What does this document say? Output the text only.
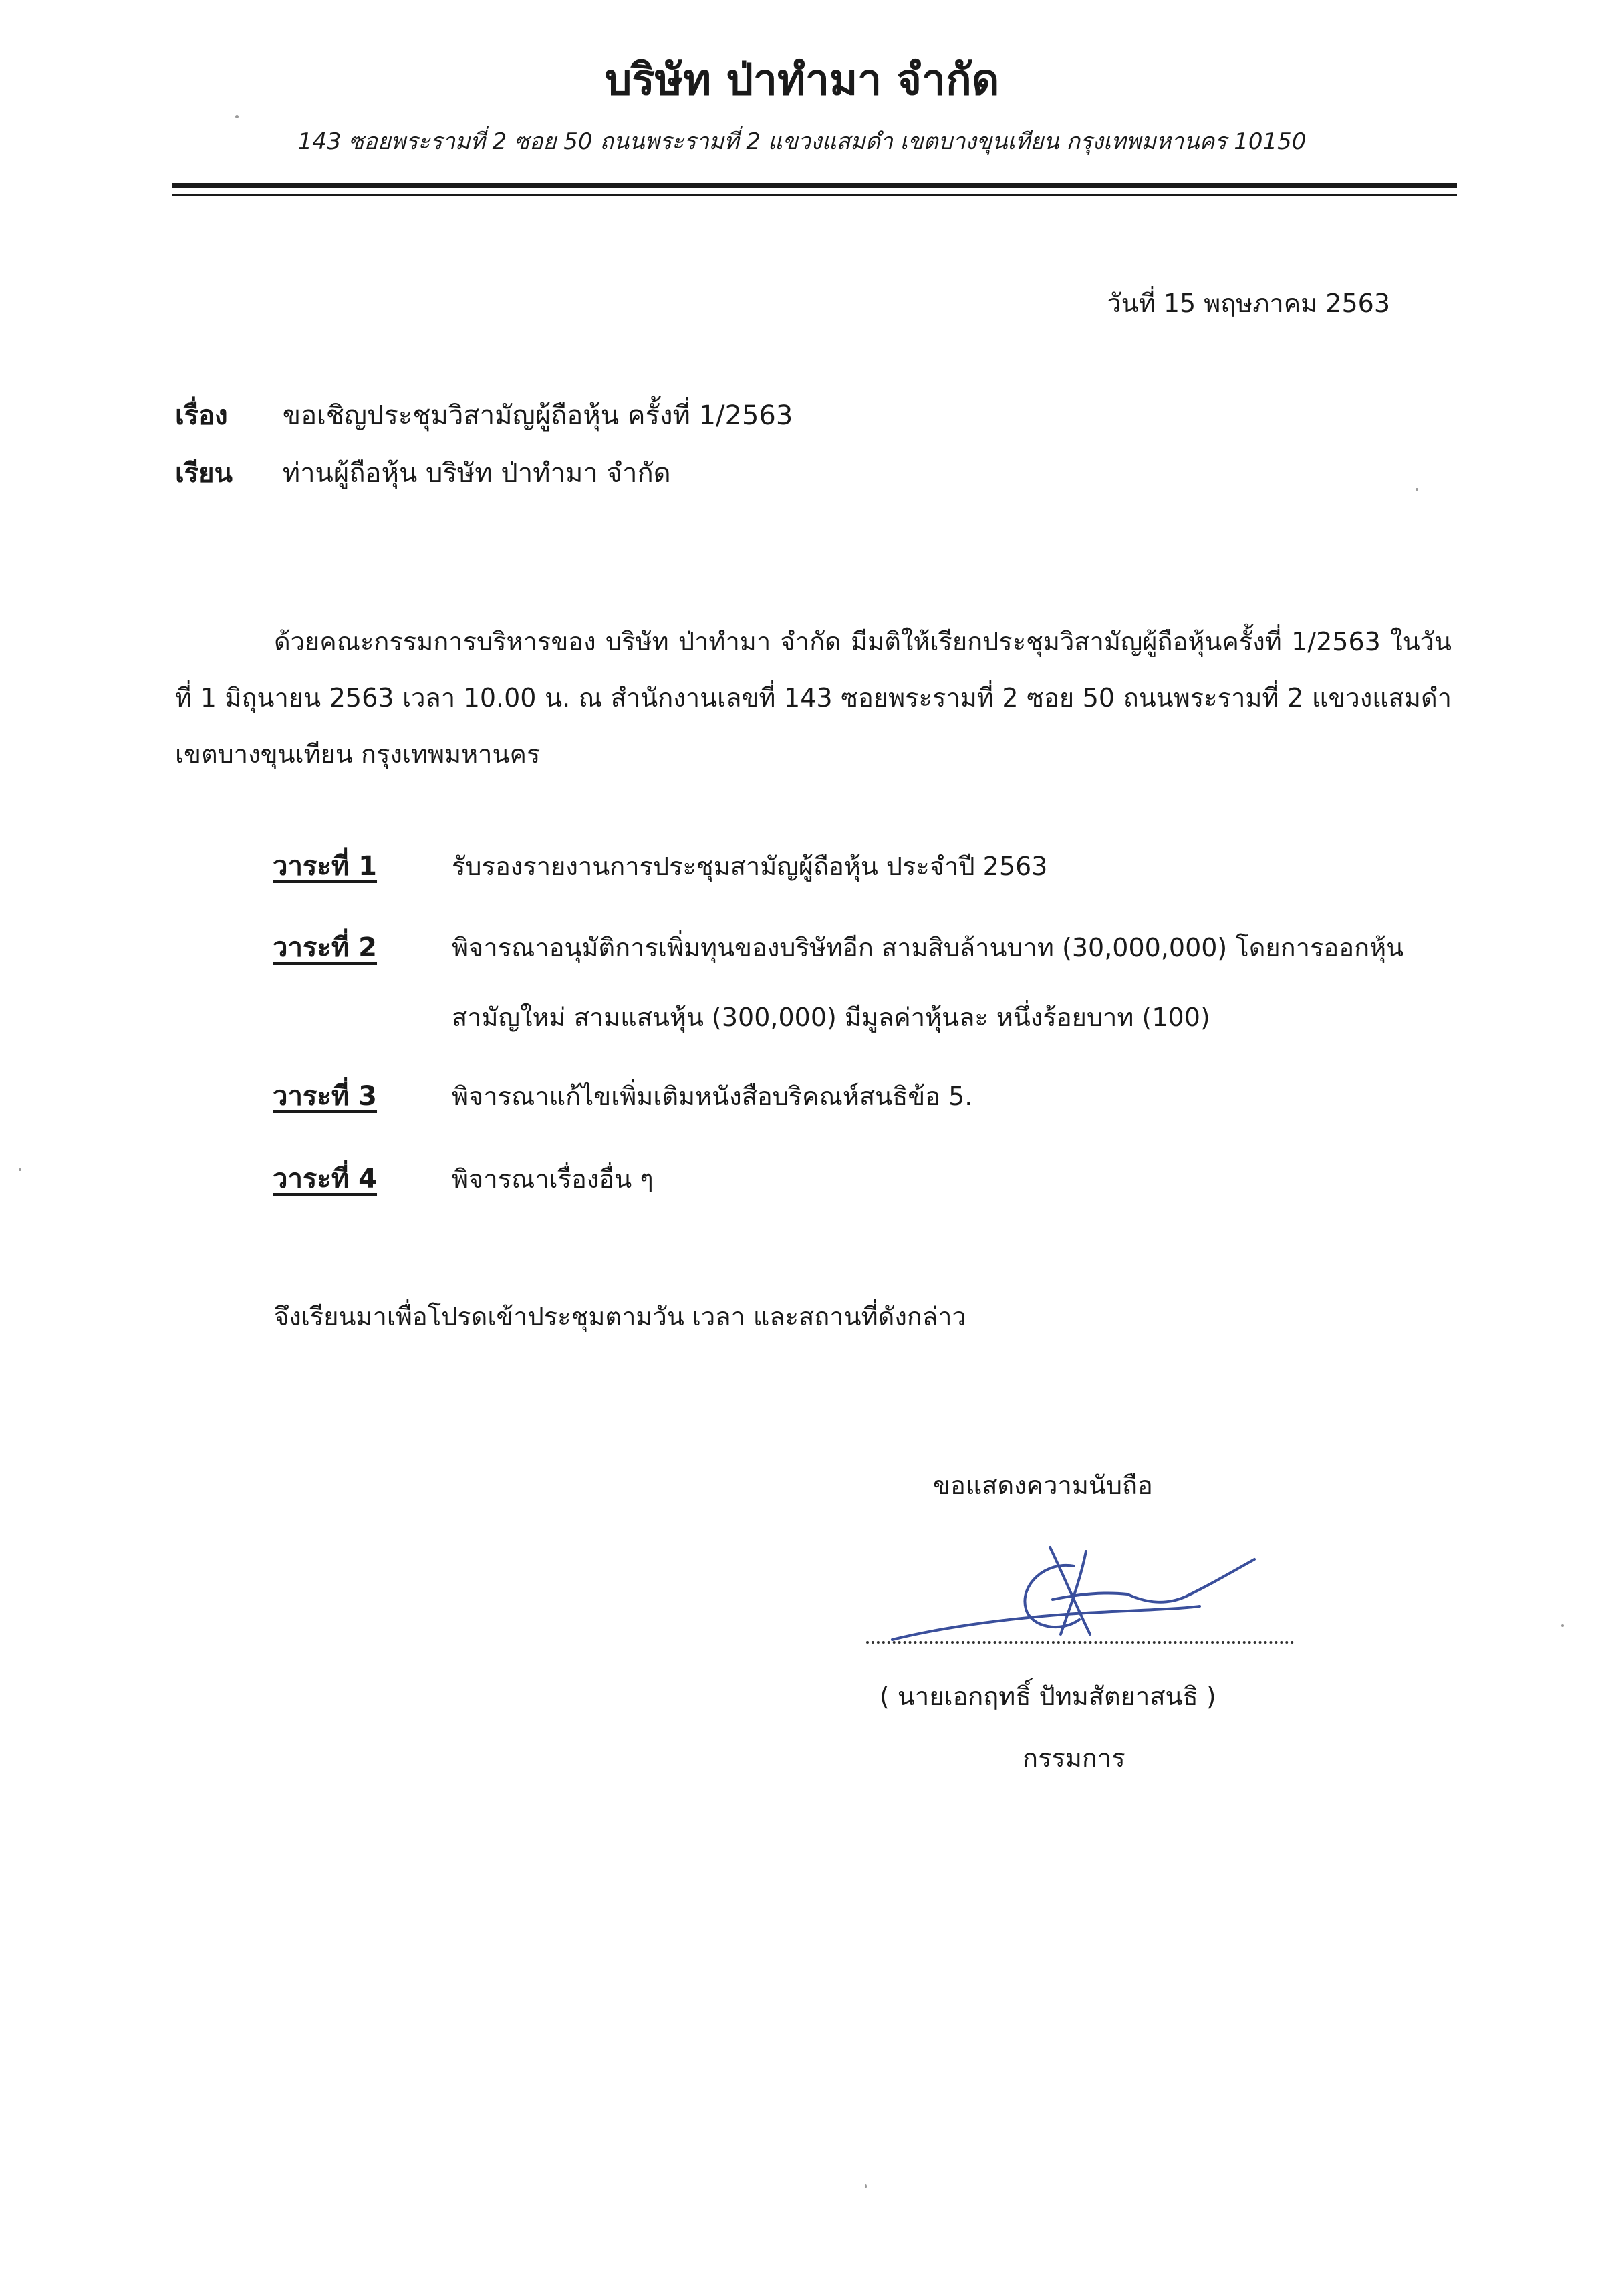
บริษัท ป่าทำมา จำกัด
143 ซอยพระรามที่ 2 ซอย 50 ถนนพระรามที่ 2 แขวงแสมดำ เขตบางขุนเทียน กรุงเทพมหานคร 10150
วันที่ 15 พฤษภาคม 2563
เรื่อง ขอเชิญประชุมวิสามัญผู้ถือหุ้น ครั้งที่ 1/2563
เรียน ท่านผู้ถือหุ้น บริษัท ป่าทำมา จำกัด
ด้วยคณะกรรมการบริหารของ บริษัท ป่าทำมา จำกัด มีมติให้เรียกประชุมวิสามัญผู้ถือหุ้นครั้งที่ 1/2563 ในวันที่ 1 มิถุนายน 2563 เวลา 10.00 น. ณ สำนักงานเลขที่ 143 ซอยพระรามที่ 2 ซอย 50 ถนนพระรามที่ 2 แขวงแสมดำ เขตบางขุนเทียน กรุงเทพมหานคร
วาระที่ 1	รับรองรายงานการประชุมสามัญผู้ถือหุ้น ประจำปี 2563
วาระที่ 2	พิจารณาอนุมัติการเพิ่มทุนของบริษัทอีก สามสิบล้านบาท (30,000,000) โดยการออกหุ้นสามัญใหม่ สามแสนหุ้น (300,000) มีมูลค่าหุ้นละ หนึ่งร้อยบาท (100)
วาระที่ 3	พิจารณาแก้ไขเพิ่มเติมหนังสือบริคณห์สนธิข้อ 5.
วาระที่ 4	พิจารณาเรื่องอื่น ๆ
จึงเรียนมาเพื่อโปรดเข้าประชุมตามวัน เวลา และสถานที่ดังกล่าว
ขอแสดงความนับถือ
( นายเอกฤทธิ์ ปัทมสัตยาสนธิ )
กรรมการ
